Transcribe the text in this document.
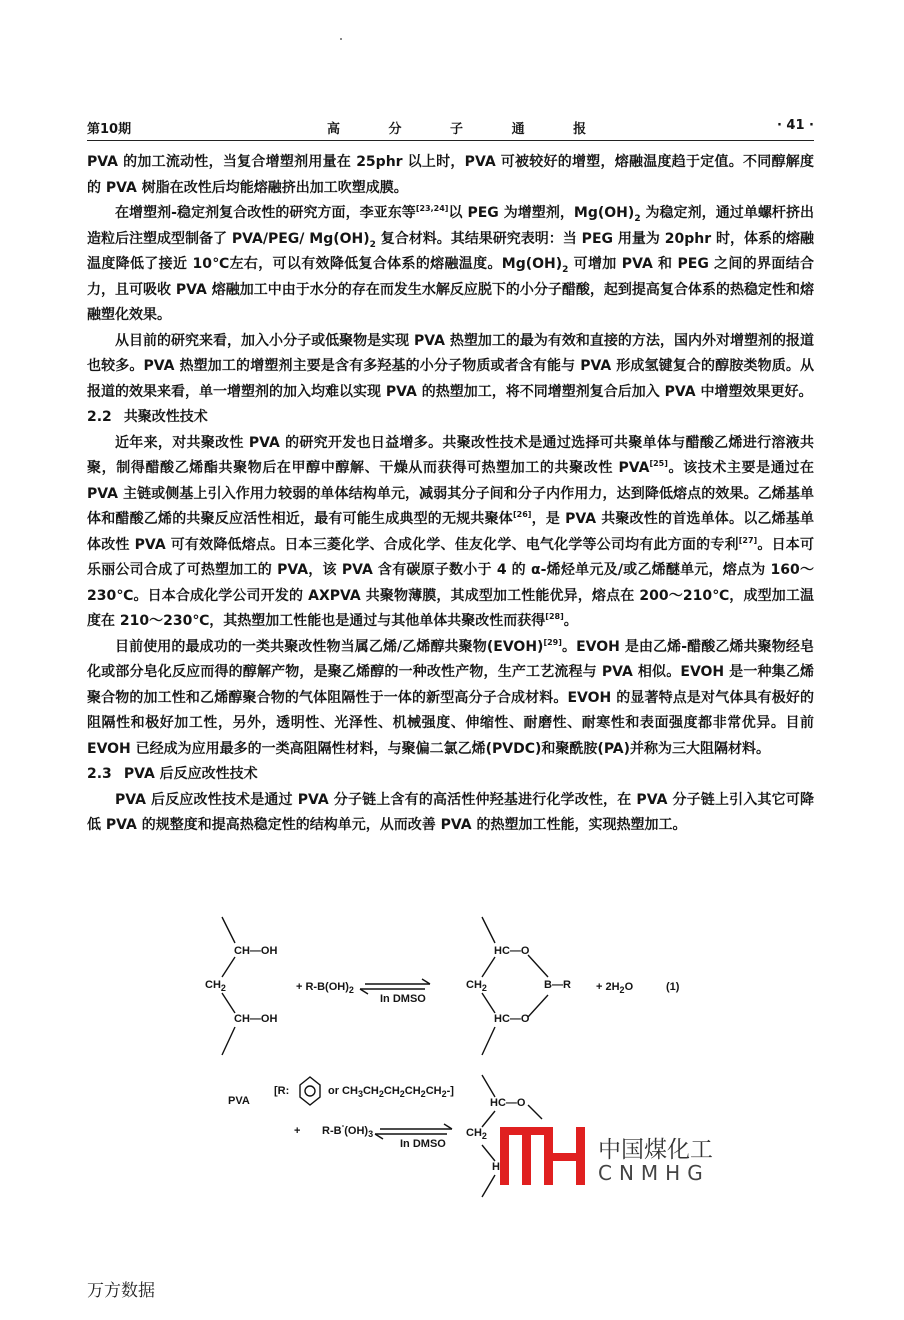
第10期	高 分 子 通 报	· 41 ·

PVA 的加工流动性，当复合增塑剂用量在 25phr 以上时，PVA 可被较好的增塑，熔融温度趋于定值。不同醇解度的 PVA 树脂在改性后均能熔融挤出加工吹塑成膜。

在增塑剂-稳定剂复合改性的研究方面，李亚东等[23,24]以 PEG 为增塑剂，$Mg(OH)_2$ 为稳定剂，通过单螺杆挤出造粒后注塑成型制备了 PVA/PEG/ $Mg(OH)_2$ 复合材料。其结果研究表明：当 PEG 用量为 20phr 时，体系的熔融温度降低了接近 10℃左右，可以有效降低复合体系的熔融温度。$Mg(OH)_2$ 可增加 PVA 和 PEG 之间的界面结合力，且可吸收 PVA 熔融加工中由于水分的存在而发生水解反应脱下的小分子醋酸，起到提高复合体系的热稳定性和熔融塑化效果。

从目前的研究来看，加入小分子或低聚物是实现 PVA 热塑加工的最为有效和直接的方法，国内外对增塑剂的报道也较多。PVA 热塑加工的增塑剂主要是含有多羟基的小分子物质或者含有能与 PVA 形成氢键复合的醇胺类物质。从报道的效果来看，单一增塑剂的加入均难以实现 PVA 的热塑加工，将不同增塑剂复合后加入 PVA 中增塑效果更好。

2.2 共聚改性技术

近年来，对共聚改性 PVA 的研究开发也日益增多。共聚改性技术是通过选择可共聚单体与醋酸乙烯进行溶液共聚，制得醋酸乙烯酯共聚物后在甲醇中醇解、干燥从而获得可热塑加工的共聚改性 PVA[25]。该技术主要是通过在 PVA 主链或侧基上引入作用力较弱的单体结构单元，减弱其分子间和分子内作用力，达到降低熔点的效果。乙烯基单体和醋酸乙烯的共聚反应活性相近，最有可能生成典型的无规共聚体[26]，是 PVA 共聚改性的首选单体。以乙烯基单体改性 PVA 可有效降低熔点。日本三菱化学、合成化学、佳友化学、电气化学等公司均有此方面的专利[27]。日本可乐丽公司合成了可热塑加工的 PVA，该 PVA 含有碳原子数小于 4 的 α-烯烃单元及/或乙烯醚单元，熔点为 160～230℃。日本合成化学公司开发的 AXPVA 共聚物薄膜，其成型加工性能优异，熔点在 200～210℃，成型加工温度在 210～230℃，其热塑加工性能也是通过与其他单体共聚改性而获得[28]。

目前使用的最成功的一类共聚改性物当属乙烯/乙烯醇共聚物(EVOH)[29]。EVOH 是由乙烯-醋酸乙烯共聚物经皂化或部分皂化反应而得的醇解产物，是聚乙烯醇的一种改性产物，生产工艺流程与 PVA 相似。EVOH 是一种集乙烯聚合物的加工性和乙烯醇聚合物的气体阻隔性于一体的新型高分子合成材料。EVOH 的显著特点是对气体具有极好的阻隔性和极好加工性，另外，透明性、光泽性、机械强度、伸缩性、耐磨性、耐寒性和表面强度都非常优异。目前 EVOH 已经成为应用最多的一类高阻隔性材料，与聚偏二氯乙烯(PVDC)和聚酰胺(PA)并称为三大阻隔材料。

2.3 PVA 后反应改性技术

PVA 后反应改性技术是通过 PVA 分子链上含有的高活性仲羟基进行化学改性，在 PVA 分子链上引入其它可降低 PVA 的规整度和提高热稳定性的结构单元，从而改善 PVA 的热塑加工性能，实现热塑加工。

CH—OH
$CH_2$
CH—OH
+ $R-B(OH)_2$
In DMSO
HC—O
$CH_2$	B—R + $2H_2O$	(1)
HC—O
PVA
[R:	or $CH_3CH_2CH_2CH_2CH_2-$]
HC—O
+ $R-B^-(OH)_3$
In DMSO
$CH_2$
H
中国煤化工
CNMHG
万方数据
